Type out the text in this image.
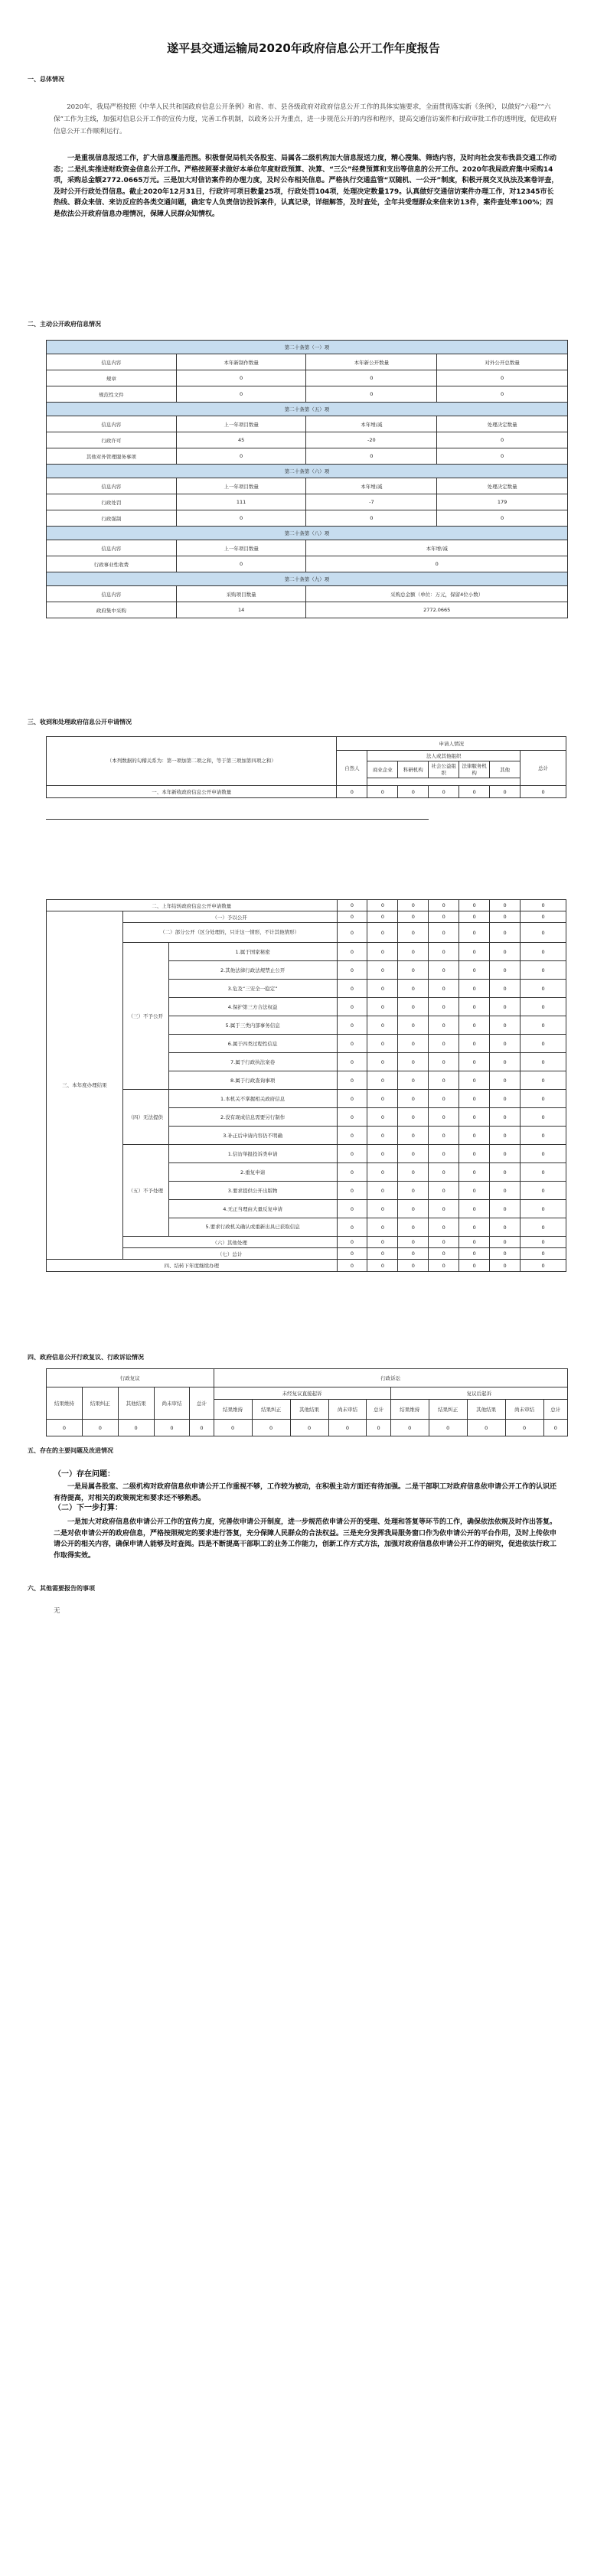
遂平县交通运输局2020年政府信息公开工作年度报告
一、总体情况
2020年，我局严格按照《中华人民共和国政府信息公开条例》和省、市、县各级政府对政府信息公开工作的具体实施要求，全面贯彻落实新《条例》，以做好“六稳”“六保”工作为主线，加强对信息公开工作的宣传力度，完善工作机制，以政务公开为重点，进一步规范公开的内容和程序，提高交通信访案件和行政审批工作的透明度，促进政府信息公开工作顺利运行。
一是重视信息报送工作，扩大信息覆盖范围。积极督促局机关各股室、局属各二级机构加大信息报送力度，精心搜集、筛选内容，及时向社会发布我县交通工作动态；二是扎实推进财政资金信息公开工作。严格按照要求做好本单位年度财政预算、决算、“三公”经费预算和支出等信息的公开工作。2020年我局政府集中采购14项，采购总金额2772.0665万元。三是加大对信访案件的办理力度，及时公布相关信息。严格执行交通监管“双随机、一公开”制度，积极开展交叉执法及案卷评查，及时公开行政处罚信息。截止2020年12月31日，行政许可项目数量25项，行政处罚104项，处理决定数量179。认真做好交通信访案件办理工作，对12345市长热线、群众来信、来访反应的各类交通问题，确定专人负责信访投诉案件，认真记录，详细解答，及时查处，全年共受理群众来信来访13件，案件查处率100%；四是依法公开政府信息办理情况，保障人民群众知情权。
二、主动公开政府信息情况
第二十条第（一）项			
信息内容	本年新制作数量	本年新公开数量	对外公开总数量
规章	0	0	0
规范性文件	0	0	0
第二十条第（五）项			
信息内容	上一年项目数量	本年增/减	处理决定数量
行政许可	45	-20	0
其他对外管理服务事项	0	0	0
第二十条第（六）项			
信息内容	上一年项目数量	本年增/减	处理决定数量
行政处罚	111	-7	179
行政强制	0	0	0
第二十条第（八）项			
信息内容	上一年项目数量	本年增/减	
行政事业性收费	0	0	
第二十条第（九）项			
信息内容	采购项目数量	采购总金额（单位：万元，保留4位小数）	
政府集中采购	14	2772.0665	
三、收到和处理政府信息公开申请情况
（本列数据的勾稽关系为：第一项加第二项之和，等于第三项加第四项之和）	申请人情况						
	自然人	法人或其他组织					总计
		商业企业	科研机构	社会公益组织	法律服务机构	其他	

一、本年新收政府信息公开申请数量	0	0	0	0	0	0	0
二、上年结转政府信息公开申请数量			0	0	0	0	0	0	0
三、本年度办理结果	（一）予以公开		0	0	0	0	0	0	0
	（二）部分公开（区分处理的，只计这一情形，不计其他情形）		0	0	0	0	0	0	0
	（三）不予公开	1.属于国家秘密	0	0	0	0	0	0	0
		2.其他法律行政法规禁止公开	0	0	0	0	0	0	0
		3.危及“三安全一稳定”	0	0	0	0	0	0	0
		4.保护第三方合法权益	0	0	0	0	0	0	0
		5.属于三类内部事务信息	0	0	0	0	0	0	0
		6.属于四类过程性信息	0	0	0	0	0	0	0
		7.属于行政执法案卷	0	0	0	0	0	0	0
		8.属于行政查询事项	0	0	0	0	0	0	0
	（四）无法提供	1.本机关不掌握相关政府信息	0	0	0	0	0	0	0
		2.没有现成信息需要另行制作	0	0	0	0	0	0	0
		3.补正后申请内容仍不明确	0	0	0	0	0	0	0
	（五）不予处理	1.信访举报投诉类申请	0	0	0	0	0	0	0
		2.重复申请	0	0	0	0	0	0	0
		3.要求提供公开出版物	0	0	0	0	0	0	0
		4.无正当理由大量反复申请	0	0	0	0	0	0	0
		5.要求行政机关确认或重新出具已获取信息	0	0	0	0	0	0	0
	（六）其他处理		0	0	0	0	0	0	0
	（七）总计		0	0	0	0	0	0	0
四、结转下年度继续办理			0	0	0	0	0	0	0
四、政府信息公开行政复议、行政诉讼情况
行政复议					行政诉讼									
结果维持	结果纠正	其他结果	尚未审结	总计	未经复议直接起诉					复议后起诉				
					结果维持	结果纠正	其他结果	尚未审结	总计	结果维持	结果纠正	其他结果	尚未审结	总计
0	0	0	0	0	0	0	0	0	0	0	0	0	0	0
五、存在的主要问题及改进情况
（一）存在问题：
一是局属各股室、二级机构对政府信息依申请公开工作重视不够，工作较为被动，在积极主动方面还有待加强。二是干部职工对政府信息依申请公开工作的认识还有待提高，对相关的政策规定和要求还不够熟悉。
（二）下一步打算：
一是加大对政府信息依申请公开工作的宣传力度，完善依申请公开制度，进一步规范依申请公开的受理、处理和答复等环节的工作，确保依法依规及时作出答复。二是对依申请公开的政府信息，严格按照规定的要求进行答复，充分保障人民群众的合法权益。三是充分发挥我局服务窗口作为依申请公开的平台作用，及时上传依申请公开的相关内容，确保申请人能够及时查阅。四是不断提高干部职工的业务工作能力，创新工作方式方法，加强对政府信息依申请公开工作的研究，促进依法行政工作取得实效。
六、其他需要报告的事项
无
